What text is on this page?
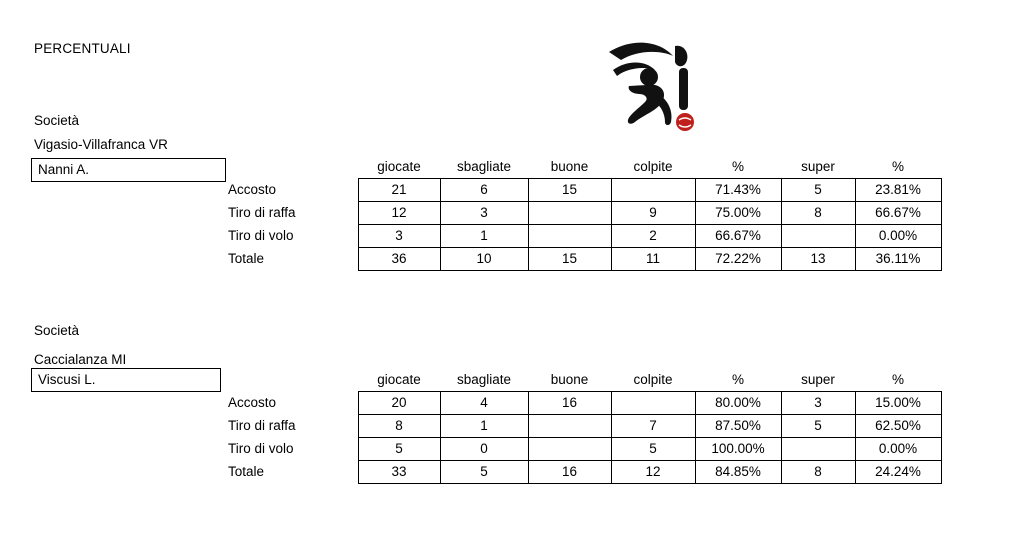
PERCENTUALI
Società
Vigasio-Villafranca VR
Nanni A.
		giocate	sbagliate	buone	colpite	%	super	%
Accosto	21	6	15		71.43%	5	23.81%
Tiro di raffa	12	3		9	75.00%	8	66.67%
Tiro di volo	3	1		2	66.67%		0.00%
Totale	36	10	15	11	72.22%	13	36.11%
Società
Caccialanza MI
Viscusi L.
		giocate	sbagliate	buone	colpite	%	super	%
Accosto	20	4	16		80.00%	3	15.00%
Tiro di raffa	8	1		7	87.50%	5	62.50%
Tiro di volo	5	0		5	100.00%		0.00%
Totale	33	5	16	12	84.85%	8	24.24%
